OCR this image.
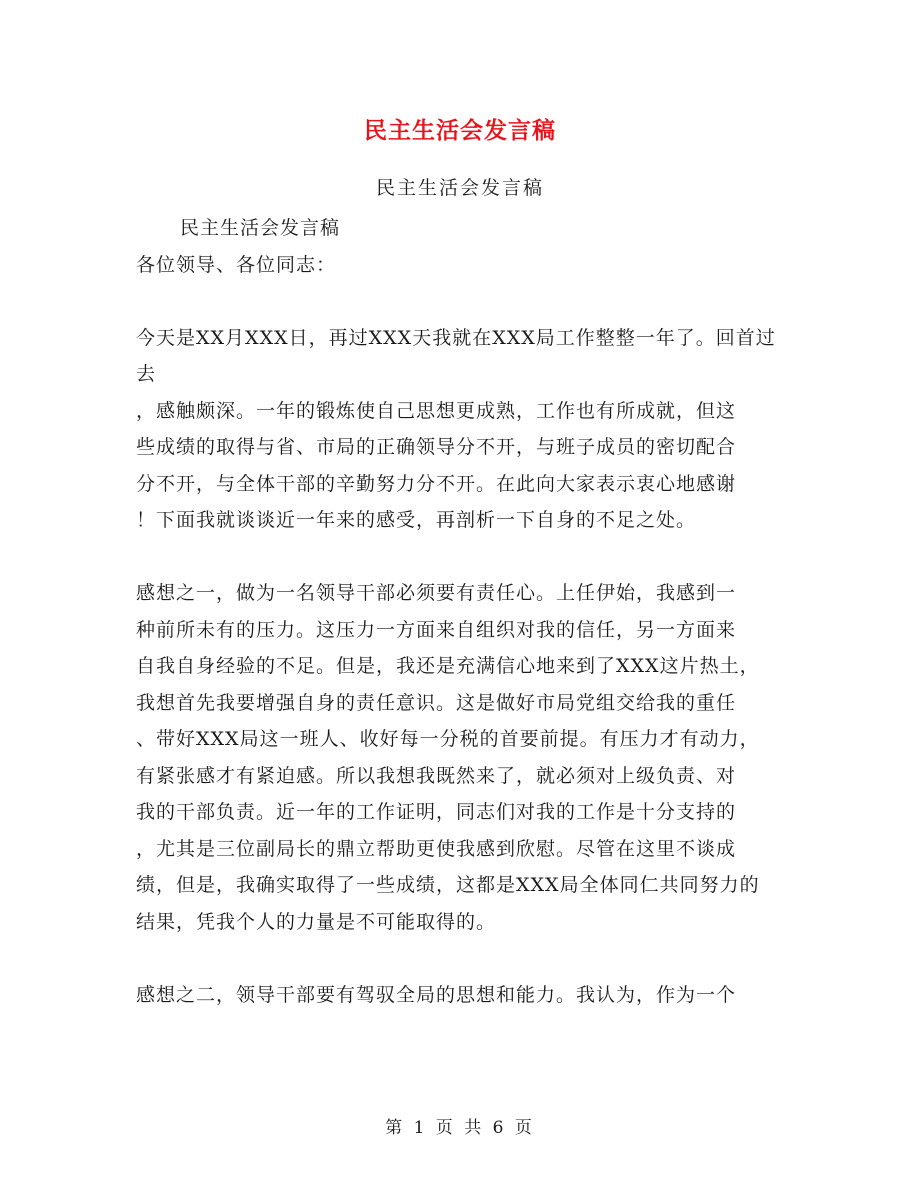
民主生活会发言稿
民主生活会发言稿

民主生活会发言稿

各位领导、各位同志：

今天是XX月XXX日，再过XXX天我就在XXX局工作整整一年了。回首过去

，感触颇深。一年的锻炼使自己思想更成熟，工作也有所成就，但这

些成绩的取得与省、市局的正确领导分不开，与班子成员的密切配合

分不开，与全体干部的辛勤努力分不开。在此向大家表示衷心地感谢

！下面我就谈谈近一年来的感受，再剖析一下自身的不足之处。

感想之一，做为一名领导干部必须要有责任心。上任伊始，我感到一

种前所未有的压力。这压力一方面来自组织对我的信任，另一方面来

自我自身经验的不足。但是，我还是充满信心地来到了XXX这片热土，

我想首先我要增强自身的责任意识。这是做好市局党组交给我的重任

、带好XXX局这一班人、收好每一分税的首要前提。有压力才有动力，

有紧张感才有紧迫感。所以我想我既然来了，就必须对上级负责、对

我的干部负责。近一年的工作证明，同志们对我的工作是十分支持的

，尤其是三位副局长的鼎立帮助更使我感到欣慰。尽管在这里不谈成

绩，但是，我确实取得了一些成绩，这都是XXX局全体同仁共同努力的

结果，凭我个人的力量是不可能取得的。

感想之二，领导干部要有驾驭全局的思想和能力。我认为，作为一个

第 1 页 共 6 页
